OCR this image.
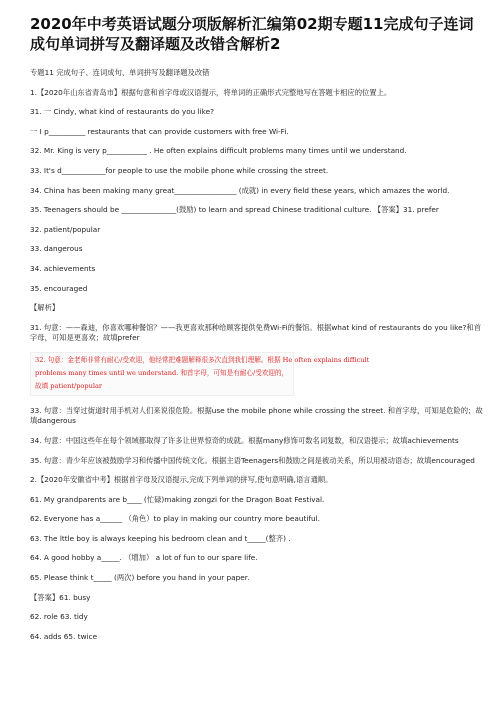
2020年中考英语试题分项版解析汇编第02期专题11完成句子连词成句单词拼写及翻译题及改错含解析2
专题11 完成句子、连词成句、单词拼写及翻译题及改错
1.【2020年山东省青岛市】根据句意和首字母或汉语提示，将单词的正确形式完整地写在答题卡相应的位置上。
31. 一 Cindy, what kind of restaurants do you like?
一 I p__________ restaurants that can provide customers with free Wi-Fi.
32. Mr. King is very p___________ . He often explains difficult problems many times until we understand.
33. It's d____________for people to use the mobile phone while crossing the street.
34. China has been making many great_________________ (成就) in every field these years, which amazes the world.
35. Teenagers should be _______________(鼓励) to learn and spread Chinese traditional culture. 【答案】31. prefer
32. patient/popular
33. dangerous
34. achievements
35. encouraged
【解析】
31. 句意：——森迪，你喜欢哪种餐馆？——我更喜欢那种给顾客提供免费Wi-Fi的餐馆。根据what kind of restaurants do you like?和首字母，可知是更喜欢；故填prefer
32. 句意：金老师非常有耐心/受欢迎，他经常把难题解释很多次直到我们理解。根据 He often explains difficult
problems many times until we understand. 和首字母，可知是有耐心/受欢迎的，
故填 patient/popular
33. 句意：当穿过街道时用手机对人们来说很危险。根据use the mobile phone while crossing the street. 和首字母，可知是危险的；故填dangerous
34. 句意：中国这些年在每个领域都取得了许多让世界惊奇的成就。根据many修饰可数名词复数，和汉语提示；故填achievements
35. 句意：青少年应该被鼓励学习和传播中国传统文化。根据主语Teenagers和鼓励之间是被动关系，所以用被动语态；故填encouraged
2.【2020年安徽省中考】根据首字母及汉语提示,完成下列单词的拼写,使句意明确,语言通顺。
61. My grandparents are b____ (忙碌)making zongzi for the Dragon Boat Festival.
62. Everyone has a______ （角色）to play in making our country more beautiful.
63. The lttle boy is always keeping his bedroom clean and t_____(整齐) .
64. A good hobby a_____. （增加） a lot of fun to our spare life.
65. Please think t_____ (两次) before you hand in your paper.
【答案】61. busy
62. role 63. tidy
64. adds 65. twice
